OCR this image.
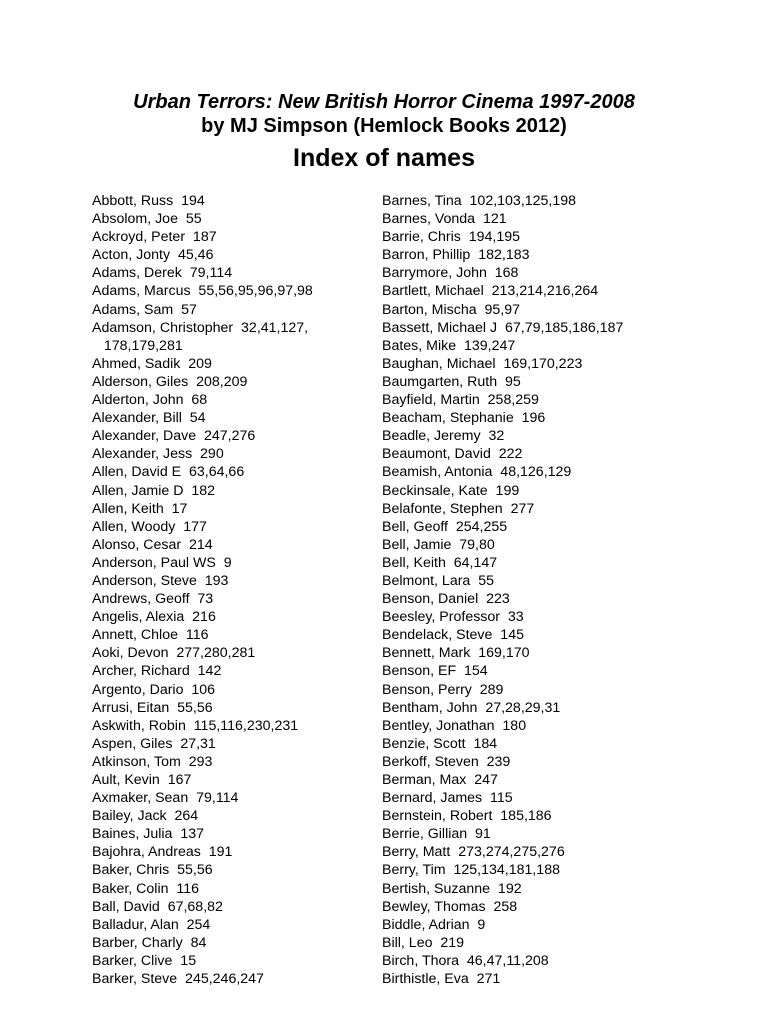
Urban Terrors: New British Horror Cinema 1997-2008
by MJ Simpson (Hemlock Books 2012)
Index of names
Abbott, Russ  194
Absolom, Joe  55
Ackroyd, Peter  187
Acton, Jonty  45,46
Adams, Derek  79,114
Adams, Marcus  55,56,95,96,97,98
Adams, Sam  57
Adamson, Christopher  32,41,127,
178,179,281
Ahmed, Sadik  209
Alderson, Giles  208,209
Alderton, John  68
Alexander, Bill  54
Alexander, Dave  247,276
Alexander, Jess  290
Allen, David E  63,64,66
Allen, Jamie D  182
Allen, Keith  17
Allen, Woody  177
Alonso, Cesar  214
Anderson, Paul WS  9
Anderson, Steve  193
Andrews, Geoff  73
Angelis, Alexia  216
Annett, Chloe  116
Aoki, Devon  277,280,281
Archer, Richard  142
Argento, Dario  106
Arrusi, Eitan  55,56
Askwith, Robin  115,116,230,231
Aspen, Giles  27,31
Atkinson, Tom  293
Ault, Kevin  167
Axmaker, Sean  79,114
Bailey, Jack  264
Baines, Julia  137
Bajohra, Andreas  191
Baker, Chris  55,56
Baker, Colin  116
Ball, David  67,68,82
Balladur, Alan  254
Barber, Charly  84
Barker, Clive  15
Barker, Steve  245,246,247
Barnes, Tina  102,103,125,198
Barnes, Vonda  121
Barrie, Chris  194,195
Barron, Phillip  182,183
Barrymore, John  168
Bartlett, Michael  213,214,216,264
Barton, Mischa  95,97
Bassett, Michael J  67,79,185,186,187
Bates, Mike  139,247
Baughan, Michael  169,170,223
Baumgarten, Ruth  95
Bayfield, Martin  258,259
Beacham, Stephanie  196
Beadle, Jeremy  32
Beaumont, David  222
Beamish, Antonia  48,126,129
Beckinsale, Kate  199
Belafonte, Stephen  277
Bell, Geoff  254,255
Bell, Jamie  79,80
Bell, Keith  64,147
Belmont, Lara  55
Benson, Daniel  223
Beesley, Professor  33
Bendelack, Steve  145
Bennett, Mark  169,170
Benson, EF  154
Benson, Perry  289
Bentham, John  27,28,29,31
Bentley, Jonathan  180
Benzie, Scott  184
Berkoff, Steven  239
Berman, Max  247
Bernard, James  115
Bernstein, Robert  185,186
Berrie, Gillian  91
Berry, Matt  273,274,275,276
Berry, Tim  125,134,181,188
Bertish, Suzanne  192
Bewley, Thomas  258
Biddle, Adrian  9
Bill, Leo  219
Birch, Thora  46,47,11,208
Birthistle, Eva  271
